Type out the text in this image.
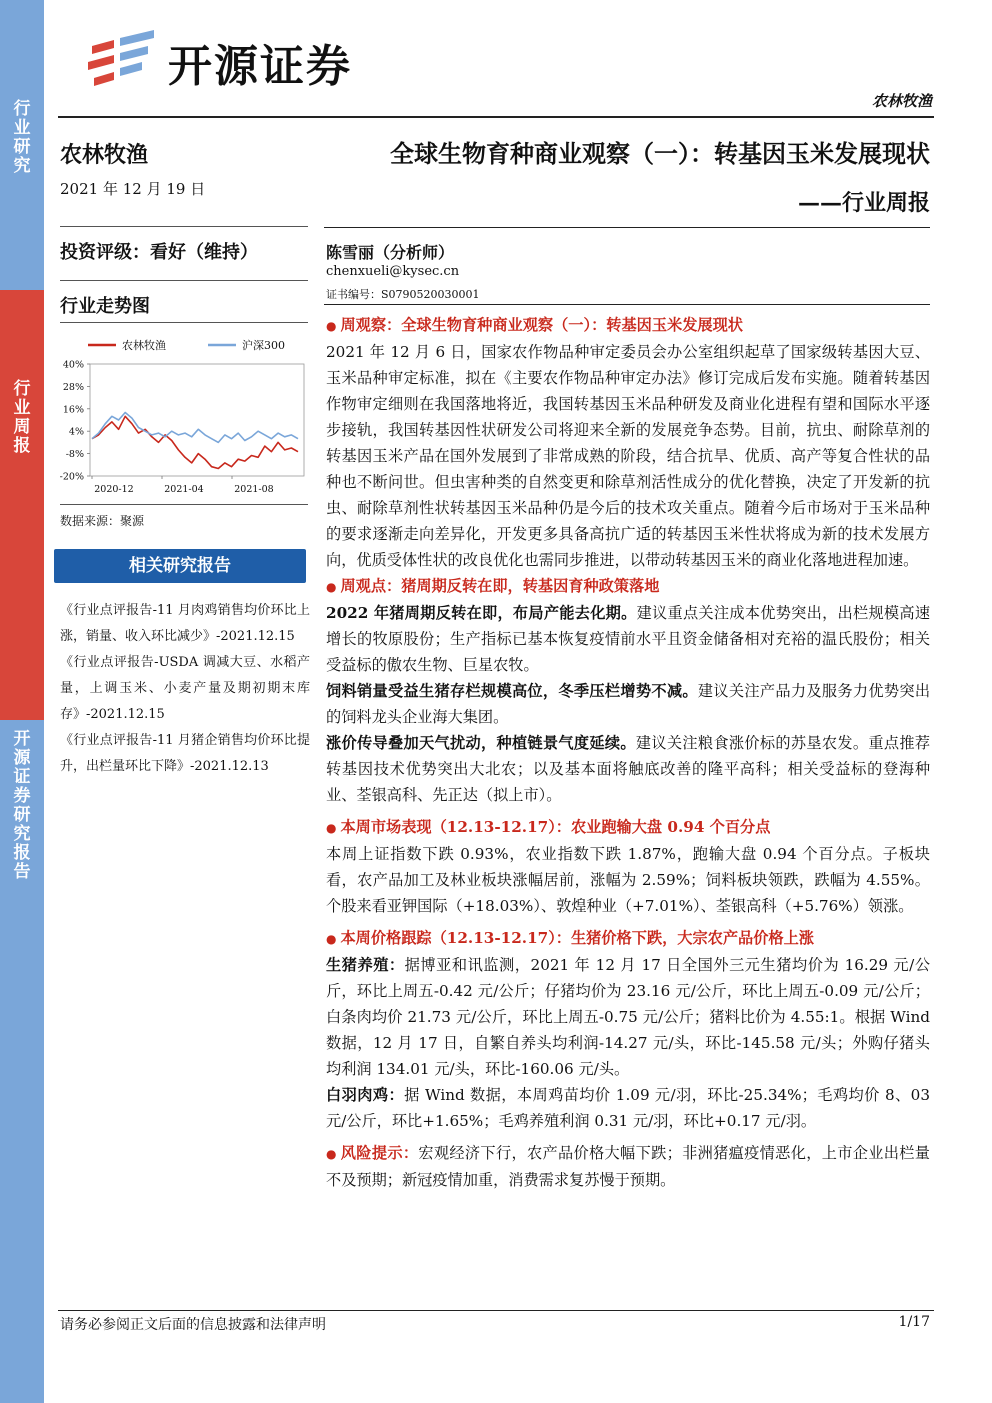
行业研究
行业周报
开源证券研究报告
开源证券
农林牧渔
农林牧渔
2021 年 12 月 19 日
投资评级：看好（维持）
行业走势图
农林牧渔	沪深300
40%
28%
16%
4%
-8%
-20%
2020-12	2021-04	2021-08
数据来源：聚源
相关研究报告

《行业点评报告-11 月肉鸡销售均价环比上涨，销量、收入环比减少》-2021.12.15

《行业点评报告-USDA 调减大豆、水稻产量，上调玉米、小麦产量及期初期末库存》-2021.12.15

《行业点评报告-11 月猪企销售均价环比提升，出栏量环比下降》-2021.12.13

全球生物育种商业观察（一）：转基因玉米发展现状
——行业周报
陈雪丽（分析师）
chenxueli@kysec.cn
证书编号：S0790520030001

● 周观察：全球生物育种商业观察（一）：转基因玉米发展现状

2021 年 12 月 6 日，国家农作物品种审定委员会办公室组织起草了国家级转基因大豆、玉米品种审定标准，拟在《主要农作物品种审定办法》修订完成后发布实施。随着转基因作物审定细则在我国落地将近，我国转基因玉米品种研发及商业化进程有望和国际水平逐步接轨，我国转基因性状研发公司将迎来全新的发展竞争态势。目前，抗虫、耐除草剂的转基因玉米产品在国外发展到了非常成熟的阶段，结合抗旱、优质、高产等复合性状的品种也不断问世。但虫害种类的自然变更和除草剂活性成分的优化替换，决定了开发新的抗虫、耐除草剂性状转基因玉米品种仍是今后的技术攻关重点。随着今后市场对于玉米品种的要求逐渐走向差异化，开发更多具备高抗广适的转基因玉米性状将成为新的技术发展方向，优质受体性状的改良优化也需同步推进，以带动转基因玉米的商业化落地进程加速。

● 周观点：猪周期反转在即，转基因育种政策落地

2022 年猪周期反转在即，布局产能去化期。建议重点关注成本优势突出，出栏规模高速增长的牧原股份；生产指标已基本恢复疫情前水平且资金储备相对充裕的温氏股份；相关受益标的傲农生物、巨星农牧。

饲料销量受益生猪存栏规模高位，冬季压栏增势不减。建议关注产品力及服务力优势突出的饲料龙头企业海大集团。

涨价传导叠加天气扰动，种植链景气度延续。建议关注粮食涨价标的苏垦农发。重点推荐转基因技术优势突出大北农；以及基本面将触底改善的隆平高科；相关受益标的登海种业、荃银高科、先正达（拟上市）。

● 本周市场表现（12.13-12.17）：农业跑输大盘 0.94 个百分点

本周上证指数下跌 0.93%，农业指数下跌 1.87%，跑输大盘 0.94 个百分点。子板块看，农产品加工及林业板块涨幅居前，涨幅为 2.59%；饲料板块领跌，跌幅为 4.55%。个股来看亚钾国际（+18.03%）、敦煌种业（+7.01%）、荃银高科（+5.76%）领涨。

● 本周价格跟踪（12.13-12.17）：生猪价格下跌，大宗农产品价格上涨

生猪养殖：据博亚和讯监测，2021 年 12 月 17 日全国外三元生猪均价为 16.29 元/公斤，环比上周五-0.42 元/公斤；仔猪均价为 23.16 元/公斤，环比上周五-0.09 元/公斤；白条肉均价 21.73 元/公斤，环比上周五-0.75 元/公斤；猪料比价为 4.55:1。根据 Wind 数据，12 月 17 日，自繁自养头均利润-14.27 元/头，环比-145.58 元/头；外购仔猪头均利润 134.01 元/头，环比-160.06 元/头。

白羽肉鸡：据 Wind 数据，本周鸡苗均价 1.09 元/羽，环比-25.34%；毛鸡均价 8、03 元/公斤，环比+1.65%；毛鸡养殖利润 0.31 元/羽，环比+0.17 元/羽。

● 风险提示：宏观经济下行，农产品价格大幅下跌；非洲猪瘟疫情恶化，上市企业出栏量不及预期；新冠疫情加重，消费需求复苏慢于预期。

请务必参阅正文后面的信息披露和法律声明	1/17
